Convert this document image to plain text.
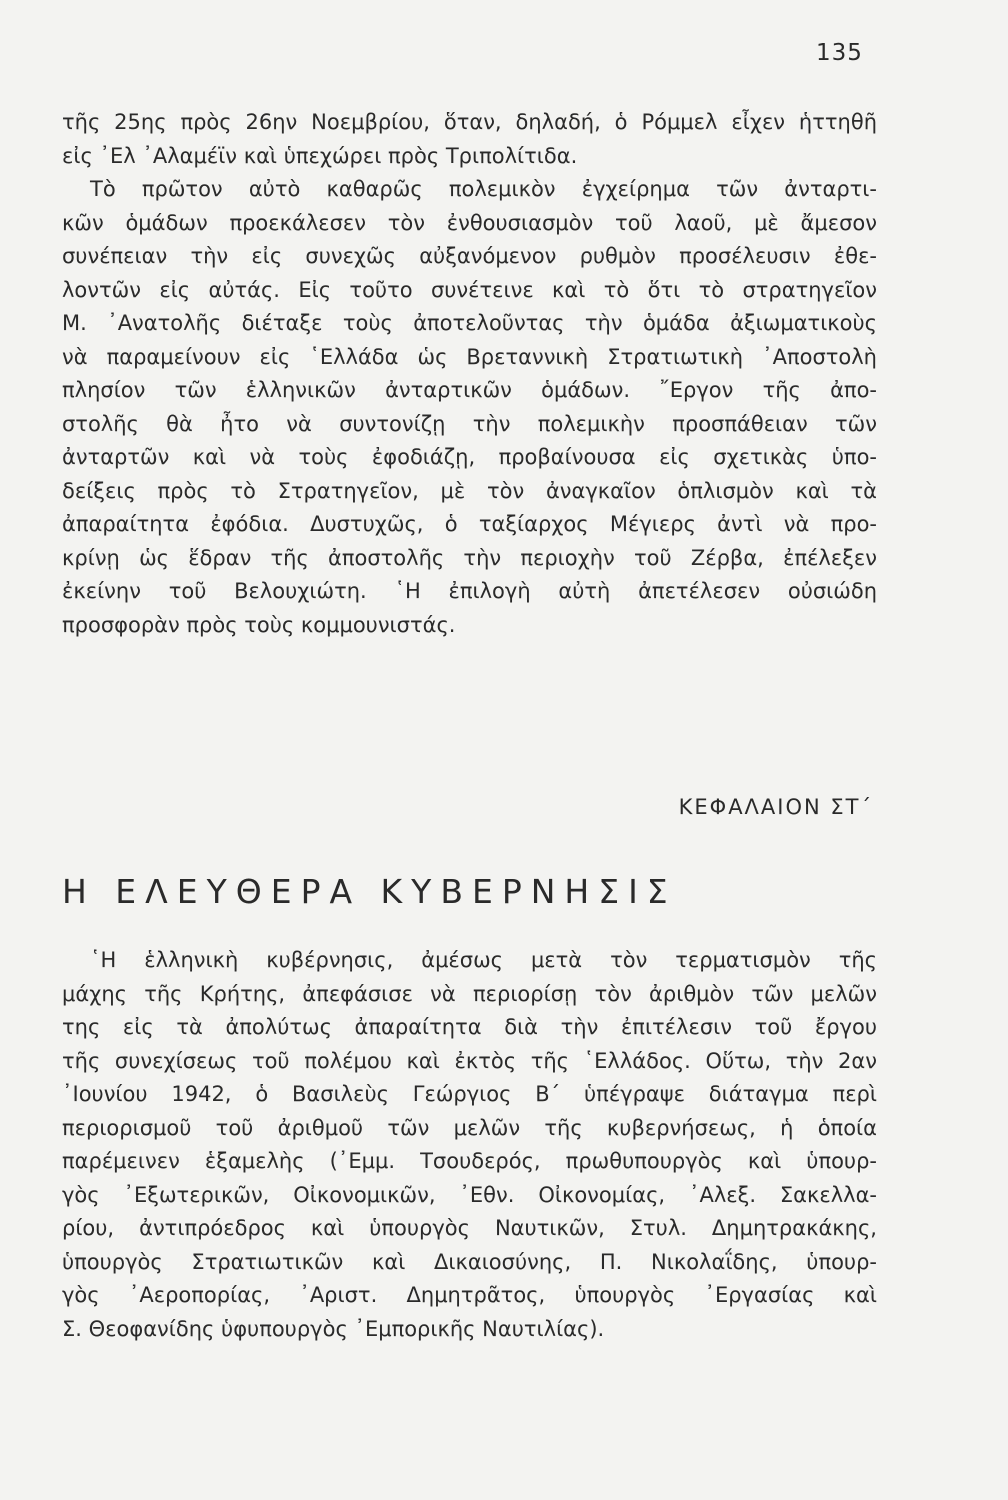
135
τῆς 25ης πρὸς 26ην Νοεμβρίου, ὅταν, δηλαδή, ὁ Ρόμμελ εἶχεν ἡττηθῆ
εἰς ᾿Ελ ᾿Αλαμέϊν καὶ ὑπεχώρει πρὸς Τριπολίτιδα.
Τὸ πρῶτον αὐτὸ καθαρῶς πολεμικὸν ἐγχείρημα τῶν ἀνταρτι-
κῶν ὁμάδων προεκάλεσεν τὸν ἐνθουσιασμὸν τοῦ λαοῦ, μὲ ἄμεσον
συνέπειαν τὴν εἰς συνεχῶς αὐξανόμενον ρυθμὸν προσέλευσιν ἐθε-
λοντῶν εἰς αὐτάς. Εἰς τοῦτο συνέτεινε καὶ τὸ ὅτι τὸ στρατηγεῖον
Μ. ᾿Ανατολῆς διέταξε τοὺς ἀποτελοῦντας τὴν ὁμάδα ἀξιωματικοὺς
νὰ παραμείνουν εἰς ῾Ελλάδα ὡς Βρεταννικὴ Στρατιωτικὴ ᾿Αποστολὴ
πλησίον τῶν ἑλληνικῶν ἀνταρτικῶν ὁμάδων. ῎Εργον τῆς ἀπο-
στολῆς θὰ ἦτο νὰ συντονίζῃ τὴν πολεμικὴν προσπάθειαν τῶν
ἀνταρτῶν καὶ νὰ τοὺς ἐφοδιάζῃ, προβαίνουσα εἰς σχετικὰς ὑπο-
δείξεις πρὸς τὸ Στρατηγεῖον, μὲ τὸν ἀναγκαῖον ὁπλισμὸν καὶ τὰ
ἀπαραίτητα ἐφόδια. Δυστυχῶς, ὁ ταξίαρχος Μέγιερς ἀντὶ νὰ προ-
κρίνῃ ὡς ἕδραν τῆς ἀποστολῆς τὴν περιοχὴν τοῦ Ζέρβα, ἐπέλεξεν
ἐκείνην τοῦ Βελουχιώτη. ῾Η ἐπιλογὴ αὐτὴ ἀπετέλεσεν οὐσιώδη
προσφορὰν πρὸς τοὺς κομμουνιστάς.
ΚΕΦΑΛΑΙΟΝ ΣΤ΄
Η ΕΛΕΥΘΕΡΑ ΚΥΒΕΡΝΗΣΙΣ
῾Η ἑλληνικὴ κυβέρνησις, ἀμέσως μετὰ τὸν τερματισμὸν τῆς
μάχης τῆς Κρήτης, ἀπεφάσισε νὰ περιορίσῃ τὸν ἀριθμὸν τῶν μελῶν
της εἰς τὰ ἀπολύτως ἀπαραίτητα διὰ τὴν ἐπιτέλεσιν τοῦ ἔργου
τῆς συνεχίσεως τοῦ πολέμου καὶ ἐκτὸς τῆς ῾Ελλάδος. Οὕτω, τὴν 2αν
᾿Ιουνίου 1942, ὁ Βασιλεὺς Γεώργιος Β΄ ὑπέγραψε διάταγμα περὶ
περιορισμοῦ τοῦ ἀριθμοῦ τῶν μελῶν τῆς κυβερνήσεως, ἡ ὁποία
παρέμεινεν ἑξαμελὴς (᾿Εμμ. Τσουδερός, πρωθυπουργὸς καὶ ὑπουρ-
γὸς ᾿Εξωτερικῶν, Οἰκονομικῶν, ᾿Εθν. Οἰκονομίας, ᾿Αλεξ. Σακελλα-
ρίου, ἀντιπρόεδρος καὶ ὑπουργὸς Ναυτικῶν, Στυλ. Δημητρακάκης,
ὑπουργὸς Στρατιωτικῶν καὶ Δικαιοσύνης, Π. Νικολαΐδης, ὑπουρ-
γὸς ᾿Αεροπορίας, ᾿Αριστ. Δημητρᾶτος, ὑπουργὸς ᾿Εργασίας καὶ
Σ. Θεοφανίδης ὑφυπουργὸς ᾿Εμπορικῆς Ναυτιλίας).
